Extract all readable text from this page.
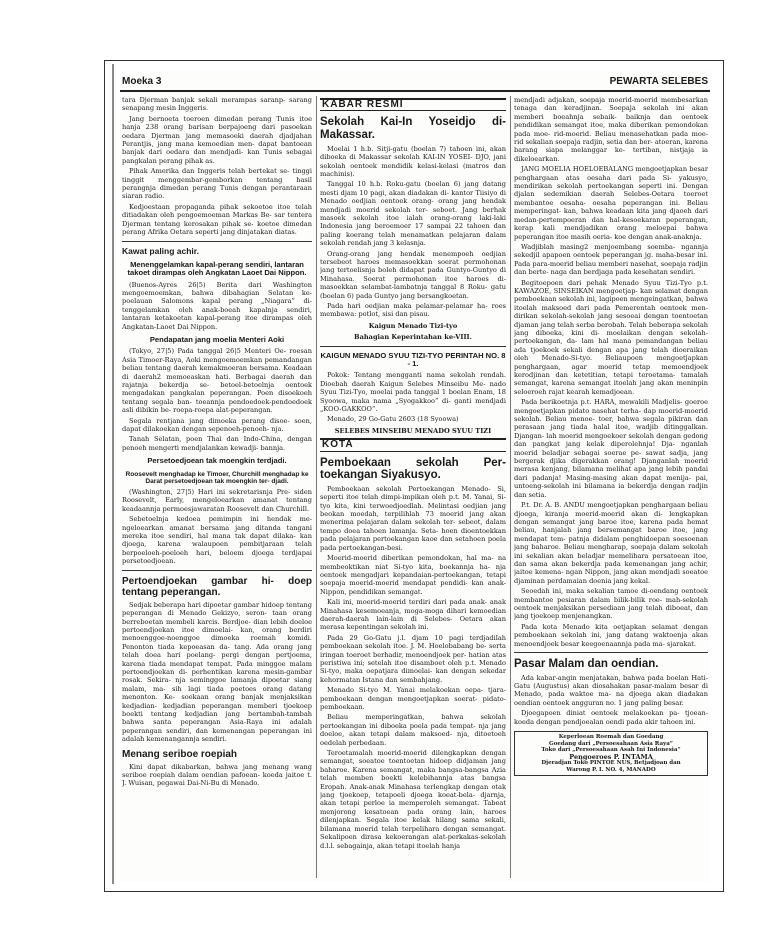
Moeka 3	PEWARTA SELEBES

tara Djerman banjak sekali merampas saranp- sarang senapang mesin Inggeris.

Jang bernoeta toeroen dimedan perang Tunis itoe hanja 238 orang barisan berpajoeng dari pasoekan oedara Djerman jang memasoeki daerah djadjahan Perantjis, jang mana kemoedian men- dapat bantoean banjak dari oedara dan mendjadi- kan Tunis sebagai pangkalan perang pihak as.

Pihak Amerika dan Inggeris telah bertekat se- tinggi tinggit menggembar-gemborkan tentang hasil perangnja dimedan perang Tunis dengan perantaraan siaran radio.

Kedjoestaan propaganda pihak sekoetoe itoe telah ditiadakan oleh pengoemoeman Markas Be- sar tentera Djerman tentang kerosakan pihak se- koetoe dimedan perang Afrika Oetara seperti jang dinjatakan diatas.

Kawat paling achir.
Menenggelamkan kapal-perang sendiri, lantaran takoet dirampas oleh Angkatan Laoet Dai Nippon.

(Buenos-Ayres 26|5) Berita dari Washington mengoemoemkan, bahwa dibahagian Selatan ke- poelauan Salomons kapal perang „Niagara” di- tenggelamkan oleh anak-boeah kapalnja sendiri, lantaran ketakoetan kapal-perang itoe dirampas oleh Angkatan-Laoet Dai Nippon.

Pendapatan jang moelia Menteri Aoki

(Tokyo, 27|5) Pada tanggal 26|5 Menteri Oe- roesan Asia Timoer-Raya, Aoki mengoemoemkan pemandangan beliau tentang daerah kemakmoeran bersama. Keadaan di daerah2 memoeaskan hati. Berbagai daerah dan rajatnja bekerdja se- betoel-betoelnja oentoek mengadakan pangkalan peperangan. Poen disoekoeh tentang segala ban- toeannja pendoedoek-pendoedoek asli dibikin be- roepa-roepa alat-peperangan.

Segala rentjana jang dimoeka perang disoe- soen, dapat dilakoekan dengan sepenoeh-penoeh- nja.

Tanah Selatan, poen Thai dan Indo-China, dengan penoeh mengerti mendjalankan kewadji- bannja.

Persetoedjoean tak moengkin terdjadi.
Roosevelt menghadap ke Timoer, Churchill menghadap ke Darat persetoedjoean tak moengkin ter- djadi.

(Washington, 27|5) Hari ini sekretarisnja Pre- siden Roosevelt, Early, mengeloearkan amanat tentang keadaannja permoesjawaratan Roosevelt dan Churchill.

Sebetoelnja kedoea pemimpin ini hendak me- ngeloearkan amanat bersama jang ditanda tangani mereka itoe sendiri, hal mana tak dapat dilaka- kan djoega, karena walaupoen pembitjaraan telah berpoeloeh-poeloeh hari, beloem djoega terdjapai persetoedjoean.

Pertoendjoekan gambar hi- doep tentang peperangan.

Sedjak beberapa hari dipoetar gambar hidoep tentang peperangan di Menado Gekizyo, seron- taan orang berreboetan membeli karcis. Berdjoe- dian lebih doeloe pertoendjoekan itoe dimoelai- kan, orang berdiri menoenggoe-noenggoe dimoeka roemah komidi. Penonton tiada kepoeasan da- tang. Ada orang jang telah doea hari poelang- pergi dengan pertjoema, karena tiada mendapat tempat. Pada minggoe malam pertoendjoekan di- perhentikan karena mesin-gambar rosak. Sekira- nja seminggoe lamanja dipoetar siang malam, ma- sih lagi tiada poetoes orang datang menonton. Ke- soekaan orang banjak menjaksikan kedjadian- kedjadian peperangan memberi tjoekoep boekti tentang kedjadian jang bertambah-tambah bahwa santa peperangan Asia-Raya ini adalah peperangan sendiri, dan kemenangan peperangan ini adalah kemenangannja sendiri.

Menang seriboe roepiah

Kini dapat dikabarkan, bahwa jang menang wang seriboe roepiah dalam oendian pafoean- koeda jaitoe t. J. Wuisan, pegawai Dai-Ni-Bu di Menado.

KABAR RESMI
Sekolah Kai-In Yoseidjo di-Makassar.

Moelai 1 h.b. Sitji-gatu (boelan 7) tahoen ini, akan diboeka di Makassar sekolah KAI-IN YOSEI- DJO, jani sekolah oentoek mendidik kelasi-kelasi (matros dan machinis).

Tanggal 10 h.b. Roku-gatu (boelan 6) jang datang mesti djam 10 pagi, akan diadakan di- kantor Tiisiyo di Menado oedjian oentoek orang- orang jang hendak mendjadi moerid sekolah ter- seboet. Jang berhak masoek sekolah itoe ialah orang-orang laki-laki Indonesia jang beroemoer 17 sampai 22 tahoen dan paling koerang telah menamatkan pelajaran dalam sekolah rendah jang 3 kelasnja.

Orang-orang jang hendak menempoeh oedjian tersebeot haroes memasoekkan soerat permohonan jang tertoelisnja boleh didapat pada Guntyo-Guntyo di Minahasa. Soerat permohonan itoe haroes di- masoekkan selambat-lambatnja tanggal 8 Roku- gatu (boelan 6) pada Guntyo jang bersangkoetan.

Pada hari oedjian maka pelamar-pelamar ha- roes membawa: potlot, sisi dan pisau.

Kaigun Menado Tizi-tyo
Bahagian Keperintahan ke-VIII.
KAIGUN MENADO SYUU TIZI-TYO PERINTAH NO. 8 - 1.

Pokok: Tentang mengganti nama sekolah rendah. Dioebah daerah Kaigun Selebes Minseibu Me- nado Syuu Tizi-Tyo, moelai pada tanggal 1 boelan Enam, 18 Syoowa, maka nama „Syogakkoo” di- ganti mendjadi „KOO-GAKKOO”.

Menado, 29 Go-Gatu 2603 (18 Syoowa)

SELEBES MINSEIBU MENADO SYUU TIZI
KOTA
Pemboekaan sekolah Per- toekangan Siyakusyo.

Pemboekaan sekolah Pertoekangan Menado- Si, seperti itoe telah dimpi-impikan oleh p.t. M. Yanai, Si-tyo kita, kini terwoedjoedlah. Melintasi oedjian jang beokan moedah, terpilihlah 73 moerid jang akan menerima pelajaran dalam sekolah ter- sebeot, dalam tempo doea tahoen lamanja. Seta- hoen dioentoekkan pada pelajaran pertoekangan kaoe dan setahoen poela pada pertoekangan-besi.

Moerid-moerid diberikan pemondokan, hal ma- na membeoktikan niat Si-tyo kita, boekannja ha- nja oentoek mengadjari kepandaian-pertoekangan, tetapi soepaja moerid-moerid mendapat pendidi- kan anak-Nippon, pendidikan semangat.

Kali ini, moerid-moerid terdiri dari pada anak- anak Minahasa kesemoeanja, moga-moga dihari kemoedian daerah-daerah lain-lain di Selebes- Oetara akan merasa kepentingan sekolah ini.

Pada 29 Go-Gatu j.l. djam 10 pagi terdjadilah pemboekaan sekolah itoe. J. M. Hoelobabang be- serta iringan toeroet berhadir, menoendjoek per- hatian atas peristiwa ini; setelah itoe disamboet oleh p.t. Menado Si-tyo, maka oepatjara dimoelai- kan dengan sekedar kehormatan Istana dan sembahjang.

Menado Si-tyo M. Yanai melakoekan oepa- tjara-pemboekaan dengan mengoetjapkan soerat- pidato-pemboekaan.

Beliau memperingatkan, bahwa sekolah pertoekangan ini diboeka poela pada tempat- nja jang doeloe, akan tetapi dalam maksoed- nja, ditoetoeh oedelah perbedaan.

Teroetamalah moerid-moerid dilengkapkan dengan semangat, soeatoe toentoetan hidoep didjaman jang baharoe. Karena semangat, maka bangsa-bangsa Azia telah memben boekti kelebihannja atas bangsa Eropah. Anak-anak Minahasa terlengkap dengan otak jang tjoekoep, tetapoeli djoega koeat-bela- djarnja, akan tetapi perloe ia memperoleh semangat. Tabeat menjorong kesatoean pada orang lain, haroes dilenjapkan. Segala itoe kelak hilang sama sekali, bilamana moerid telah terpelihara dengan semangat. Sekalipoen dirasa kekoerangan alat-perkakas-sekolah d.l.l. sebagainja, akan tetapi itoelah hanja

mendjadi adjakan, soepaja moerid-moerid membesarkan tenaga dan keradjinan. Soepaja sekolah ini akan memberi boeahnja sebaik- baiknja dan oentoek pendidikan semangat itoe, maka diberikan pemondokan pada moe- rid-moerid. Beliau menasehatkan pada moe- rid sekalian soepaja radjin, setia dan ber- atoeran, karena barang siapa melanggar ke- tertiban, nistjaja ia dikeloearkan.

JANG MOELIA HOELOEBALANG mengoetjapkan besar penghargaan atas oesaha dari pada Si- yakusyo, mendirikan sekolah pertoekangan seperti ini. Dengan djalan sedemikian daerah Selebes-Oetara toeroet membantoe oesaha- oesaha peperangan ini. Beliau memperingat- kan, bahwa keadaan kita jang djaoeh dari medan-pertempoeran dan hal-kesoekaran peperangan, kerap kali mendjadikan orang meloepai bahwa peperangan itoe masih oeria- koe dengan anak-anaknja.

Wadjiblah masing2 menjoembang soemba- ngannja sekedjil apapoen oentoek peperangan jg. maha-besar ini. Pada para-moerid beliau memberi nasehat, soepaja radjin dan berte- naga dan berdjaga pada kesehatan sendiri.

Begitoepoen dari pehak Menado Syuu Tizi-Tyo p.t. KAWAZOE, SINSEIKAN mengoetjap- kan selamat dengan pemboekaan sekolah ini, lagipoen mengeingatkan, bahwa itoelah maksoed dari pada Pemerentah oentoek men- dirikan sekolah-sekolah jang sesoeai dengan toentoetan djaman jang telah serba berobah. Telah beberapa sekolah jang diboeka, kini di- moelaikan dengan sekolah-pertoekangan, da- lam hal mana pemandangan beliau ada tjoekoek sekali dengan apa jang telah dioeraikan oleh Menado-Si-tyo. Beliaupoen mengoetjapkan penghargaan, agar moerid tetap memoendjoek kerodjinan dan ketetitian, tetapi teroetama- tamalah semangat, karena semangat itoelah jang akan meninpin seloeroeh rajat kearah kemadjoean.

Pada berikoetnja p.t. HARA, mewakili Madjelis- goeroe mengoetjapkan pidato nasehat terha- dap moerid-moerid sekolah. Beliau menoe- toer, bahwa segala pikiran dan perasaan jang tiada halal itoe, wadjib ditinggalkan. Djangan- lah moerid mengoekoer sekolah dengan gedong dan pangkat jang kelak diperolehnja! Dja- nganlah moerid beladjar sebagai soerae pe- sawat sadja, jang bergerak djika digerakkan orang! Djanganlah moerid merasa kenjang, bilamana melihat apa jang lebih pandai dari padanja! Masing-masing akan dapat menija- pai, untoeng-sekolah ini bilamana ia bekerdja dengan radjin dan setia.

P.t. Dr. A. B. ANDU mengoetjapkan penghargaan beliau djoega, kiranja moerid-moerid akan di- lengkapkan dengan semangat jang baroe itoe, karena pada hemat beliau, hanjalah jang bersemangat baroe itoe, jang mendapat tem- patnja didalam penghidoepan soesoenan jang baharoe. Beliau mengharap, soepaja dalam sekolah ini sekalian akan beladjar memelihara persatoean itoe, dan sama akan bekerdja pada kemenangan jang achir, jaitoe kemena- ngan Nippon, jang akan mendjadi soeatoe djaminan perdamaian doenia jang kekal.

Seoedah ini, maka sekalian tamoe di-oendang oentoek membantoe pesiaran dalam bilik-bilik roe- mah-sekolah oentoek menjaksikan persediaan jang telah diboeat, dan jang tjoekoep menjenangkan.

Pada kota Menado kita oetjapkan selamat dengan pemboekaan sekolah ini, jang datang waktoenja akan menoendjoek besar keegoenaannja pada ma- sjarakat.

Pasar Malam dan oendian.

Ada kabar-angin menjatakan, bahwa pada boelan Hati-Gatu (Augustus) akan diosahakan pasar-malam besar di Menado, pada waktoe ma- na djoega akan diadakan oendian oentoek angguran no. 1 jang paling besar.

Djoegapoen diniat oentoek melakoekan pa- tjoean-koeda dengan pendjoealan oendi pada akir tahoen ini.

Keperloean Roemah dan Goedang
Goedang dari „Persoesahaan Asia Raya”
Toko dari „Persoesahaan Asah Ini Indonesia”
Pengoeroes P. INTAMA
Djeradjan Toko PINTOE NUS, Betjadjoan dan
Warong P. I. NO. 4, MANADO
